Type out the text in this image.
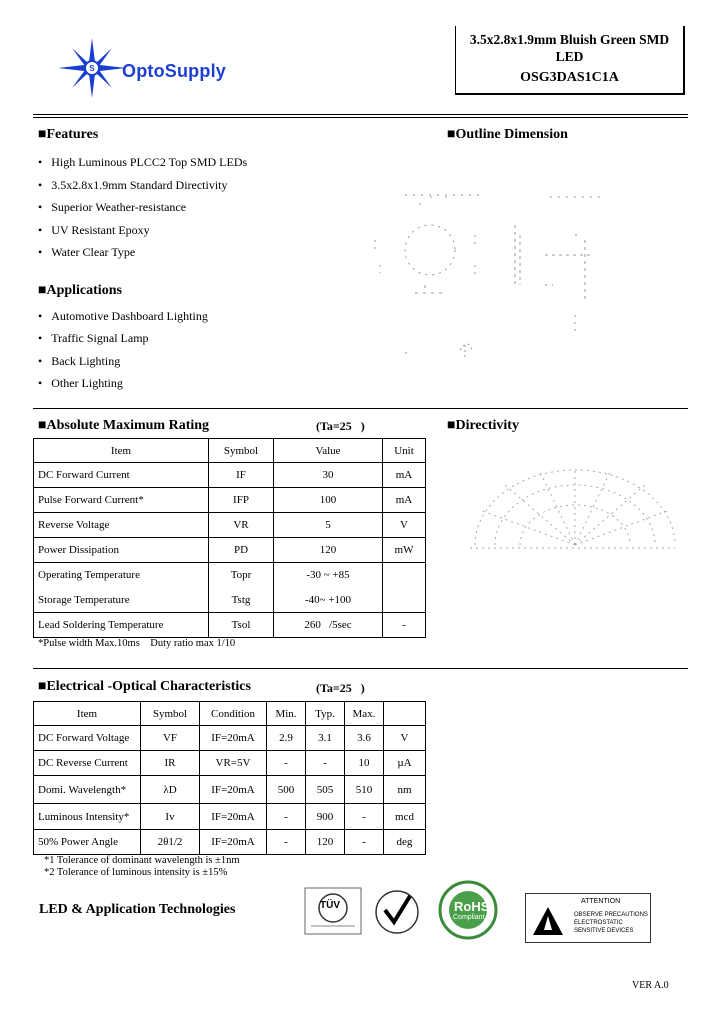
S OptoSupply
3.5x2.8x1.9mm Bluish Green SMD
LED
OSG3DAS1C1A
■Features
•   High Luminous PLCC2 Top SMD LEDs
•   3.5x2.8x1.9mm Standard Directivity
•   Superior Weather-resistance
•   UV Resistant Epoxy
•   Water Clear Type
■Applications
•   Automotive Dashboard Lighting
•   Traffic Signal Lamp
•   Back Lighting
•   Other Lighting
■Outline Dimension
■Absolute Maximum Rating	(Ta=25   )
Item	Symbol	Value	Unit
DC Forward Current	IF	30	mA
Pulse Forward Current*	IFP	100	mA
Reverse Voltage	VR	5	V
Power Dissipation	PD	120	mW
Operating Temperature	Topr	-30 ~ +85	
Storage Temperature	Tstg	-40~ +100	
Lead Soldering Temperature	Tsol	260   /5sec	-
*Pulse width Max.10ms    Duty ratio max 1/10
■Directivity
■Electrical -Optical Characteristics	(Ta=25   )
Item	Symbol	Condition	Min.	Typ.	Max.	
DC Forward Voltage	VF	IF=20mA	2.9	3.1	3.6	V
DC Reverse Current	IR	VR=5V	-	-	10	µA
Domi. Wavelength*	λD	IF=20mA	500	505	510	nm
Luminous Intensity*	Iv	IF=20mA	-	900	-	mcd
50% Power Angle	2θ1/2	IF=20mA	-	120	-	deg
*1 Tolerance of dominant wavelength is ±1nm
*2 Tolerance of luminous intensity is ±15%
LED & Application Technologies	TÜV	RoHS
Compliant
ATTENTION
OBSERVE PRECAUTIONS
ELECTROSTATIC
SENSITIVE DEVICES
VER A.0
